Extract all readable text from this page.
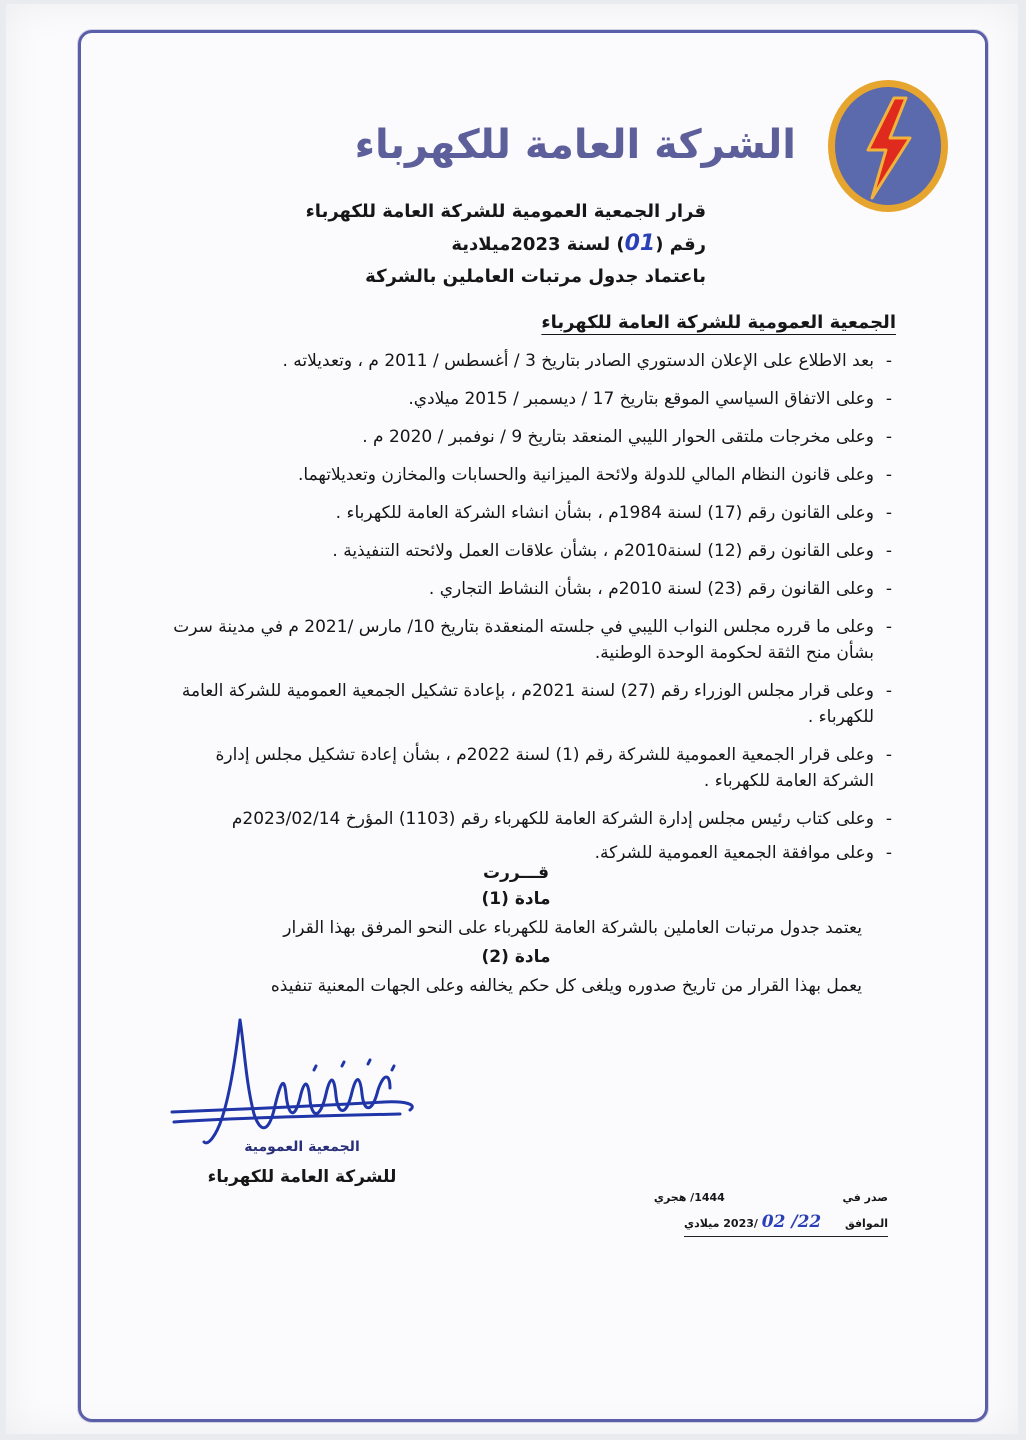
الشركة العامة للكهرباء
قرار الجمعية العمومية للشركة العامة للكهرباء
رقم (01) لسنة 2023ميلادية
باعتماد جدول مرتبات العاملين بالشركة
الجمعية العمومية للشركة العامة للكهرباء
- بعد الاطلاع على الإعلان الدستوري الصادر بتاريخ 3 / أغسطس / 2011 م ، وتعديلاته .
- وعلى الاتفاق السياسي الموقع بتاريخ 17 / ديسمبر / 2015 ميلادي.
- وعلى مخرجات ملتقى الحوار الليبي المنعقد بتاريخ 9 / نوفمبر / 2020 م .
- وعلى قانون النظام المالي للدولة ولائحة الميزانية والحسابات والمخازن وتعديلاتهما.
- وعلى القانون رقم (17) لسنة 1984م ، بشأن انشاء الشركة العامة للكهرباء .
- وعلى القانون رقم (12) لسنة2010م ، بشأن علاقات العمل ولائحته التنفيذية .
- وعلى القانون رقم (23) لسنة 2010م ، بشأن النشاط التجاري .
- وعلى ما قرره مجلس النواب الليبي في جلسته المنعقدة بتاريخ 10/ مارس /2021 م في مدينة سرت بشأن منح الثقة لحكومة الوحدة الوطنية.
- وعلى قرار مجلس الوزراء رقم (27) لسنة 2021م ، بإعادة تشكيل الجمعية العمومية للشركة العامة للكهرباء .
- وعلى قرار الجمعية العمومية للشركة رقم (1) لسنة 2022م ، بشأن إعادة تشكيل مجلس إدارة الشركة العامة للكهرباء .
- وعلى كتاب رئيس مجلس إدارة الشركة العامة للكهرباء رقم (1103) المؤرخ 2023/02/14م
- وعلى موافقة الجمعية العمومية للشركة.
قـــررت
مادة (1)
يعتمد جدول مرتبات العاملين بالشركة العامة للكهرباء على النحو المرفق بهذا القرار
مادة (2)
يعمل بهذا القرار من تاريخ صدوره ويلغى كل حكم يخالفه وعلى الجهات المعنية تنفيذه
الجمعية العمومية
للشركة العامة للكهرباء
صدر في  1444/ هجري
الموافق  22/ 02 /2023 ميلادي
